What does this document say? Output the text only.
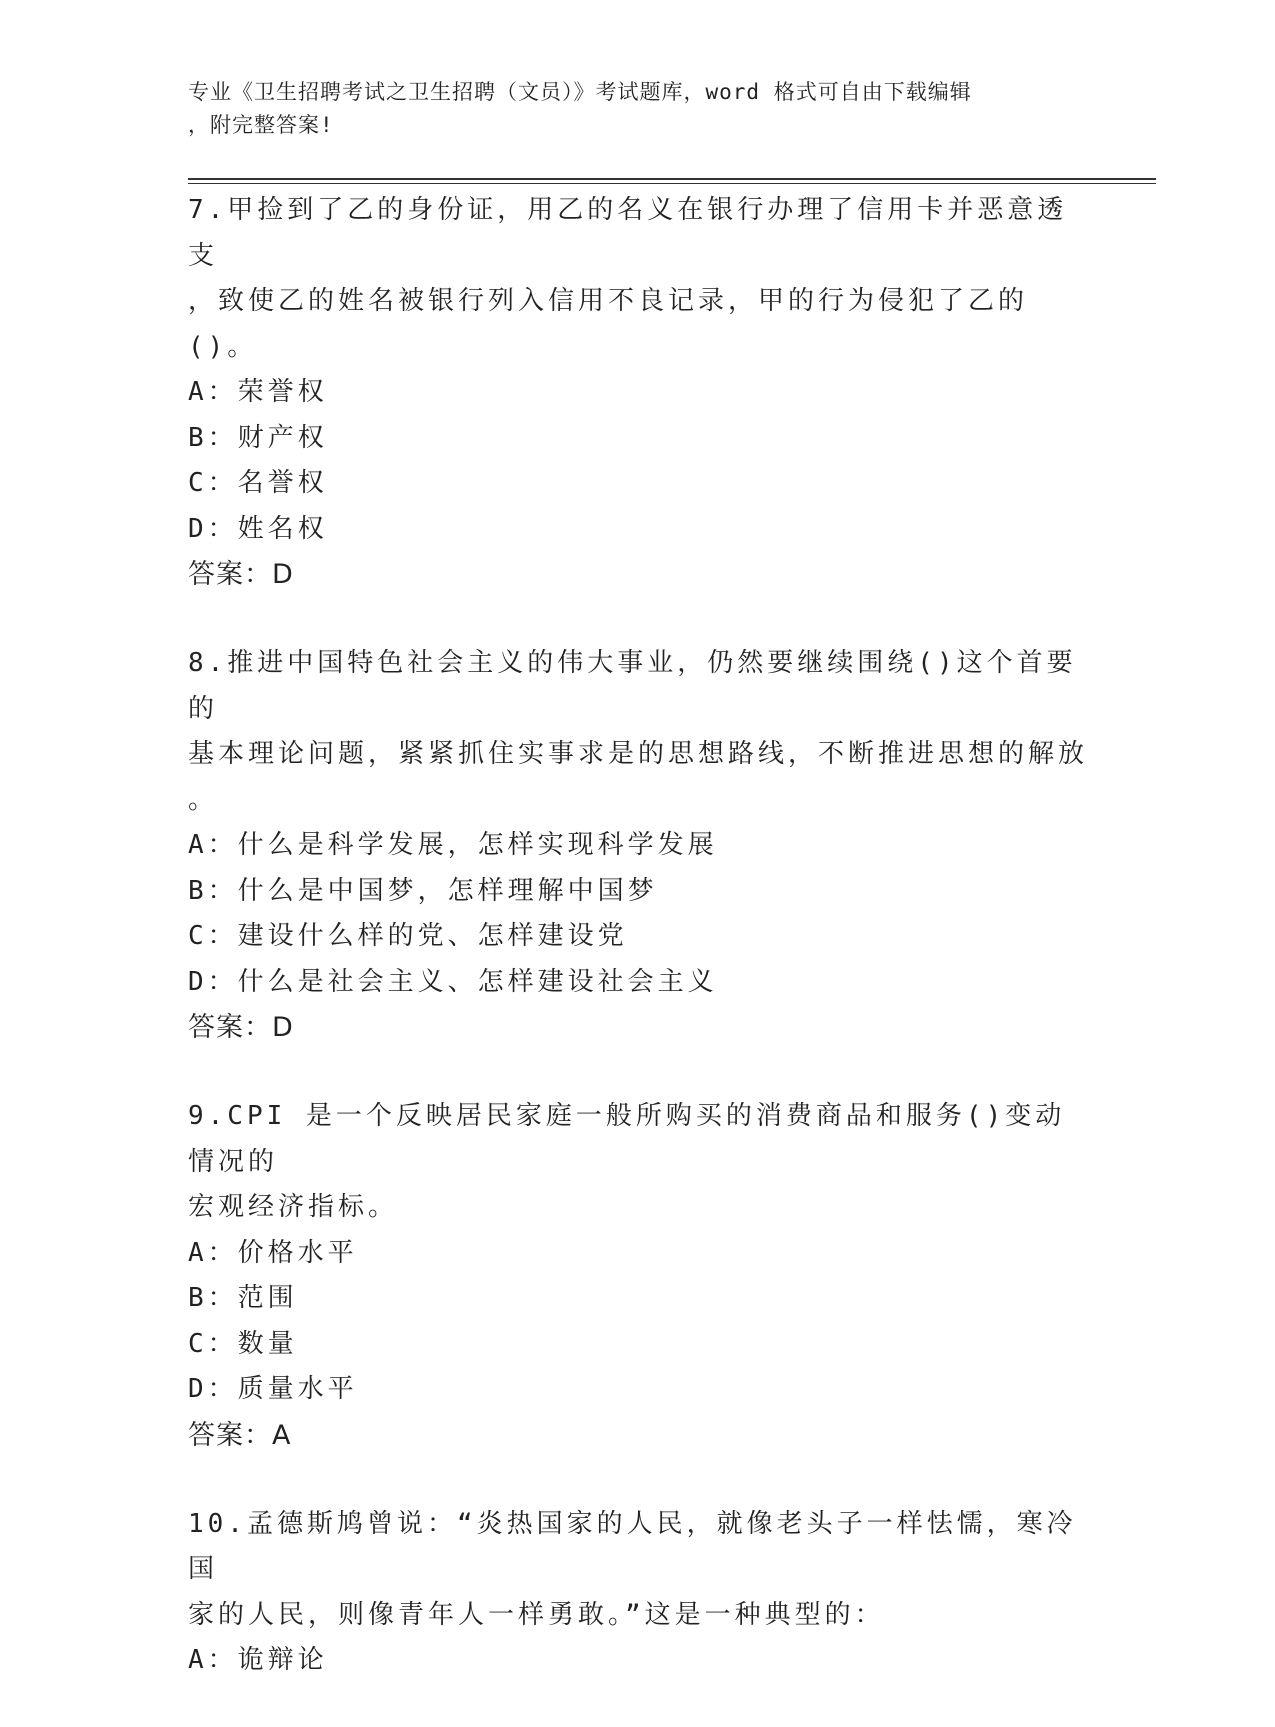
专业《卫生招聘考试之卫生招聘（文员）》考试题库，word 格式可自由下载编辑
，附完整答案!
7.甲捡到了乙的身份证，用乙的名义在银行办理了信用卡并恶意透支
，致使乙的姓名被银行列入信用不良记录，甲的行为侵犯了乙的()。
A：荣誉权
B：财产权
C：名誉权
D：姓名权
答案：D
8.推进中国特色社会主义的伟大事业，仍然要继续围绕()这个首要的
基本理论问题，紧紧抓住实事求是的思想路线，不断推进思想的解放
。
A：什么是科学发展，怎样实现科学发展
B：什么是中国梦，怎样理解中国梦
C：建设什么样的党、怎样建设党
D：什么是社会主义、怎样建设社会主义
答案：D
9.CPI 是一个反映居民家庭一般所购买的消费商品和服务()变动情况的
宏观经济指标。
A：价格水平
B：范围
C：数量
D：质量水平
答案：A
10.孟德斯鸠曾说：“炎热国家的人民，就像老头子一样怯懦，寒冷国
家的人民，则像青年人一样勇敢。”这是一种典型的：
A：诡辩论
